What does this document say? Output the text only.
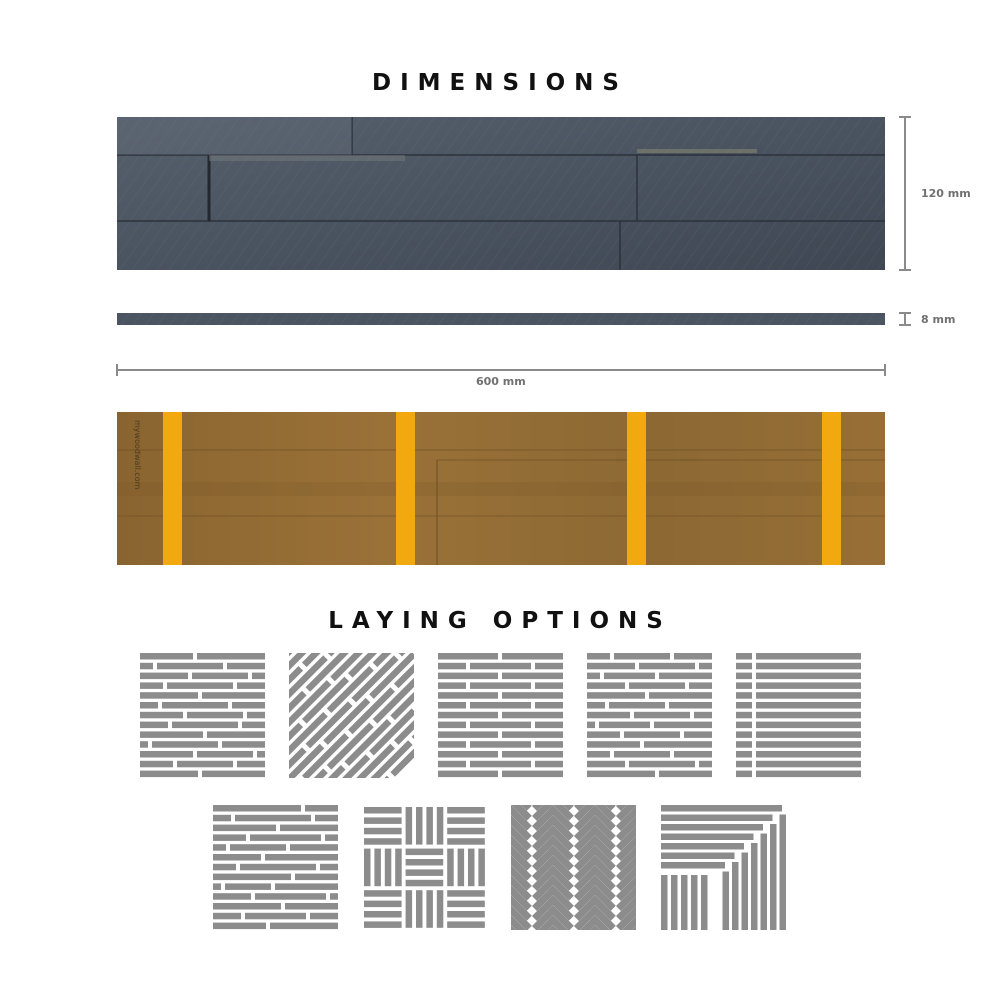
DIMENSIONS
mywoodwall.com
120 mm
8 mm
600 mm
LAYING OPTIONS
